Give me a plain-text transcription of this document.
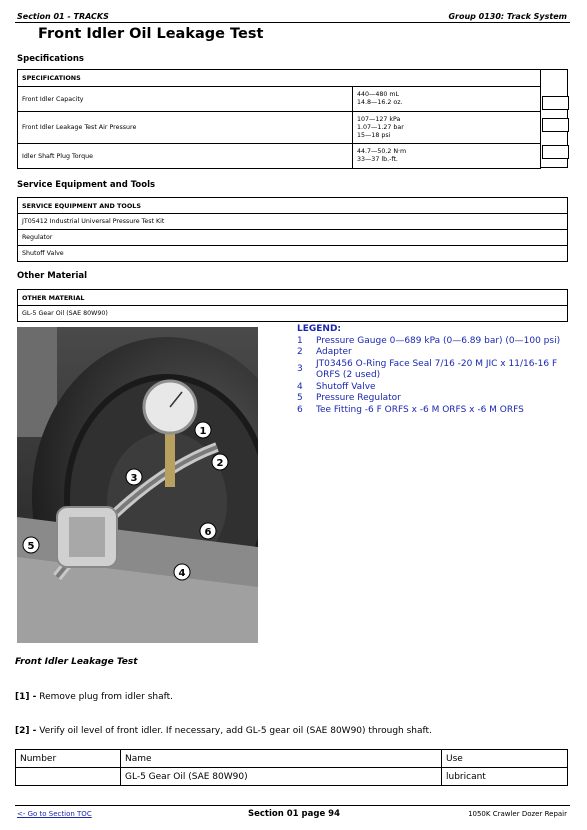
Section 01 - TRACKS	Group 0130: Track System
Front Idler Oil Leakage Test
Specifications
SPECIFICATIONS	
Front Idler Capacity	440—480 mL
14.8—16.2 oz.

Front Idler Leakage Test Air Pressure	107—127 kPa
1.07—1.27 bar
15—18 psi

Idler Shaft Plug Torque	44.7—50.2 N·m
33—37 lb.-ft.
Service Equipment and Tools
SERVICE EQUIPMENT AND TOOLS
JT05412 Industrial Universal Pressure Test Kit
Regulator
Shutoff Valve
Other Material
OTHER MATERIAL
GL-5 Gear Oil (SAE 80W90)
1
2
3
4
5
6
LEGEND:
1	Pressure Gauge 0—689 kPa (0—6.89 bar) (0—100 psi)
2	Adapter
3
JT03456 O-Ring Face Seal 7/16 -20 M JIC x 11/16-16 F ORFS (2 used)
4	Shutoff Valve
5	Pressure Regulator
6	Tee Fitting -6 F ORFS x -6 M ORFS x -6 M ORFS
Front Idler Leakage Test
[1] - Remove plug from idler shaft.
[2] - Verify oil level of front idler. If necessary, add GL-5 gear oil (SAE 80W90) through shaft.
Number	Name	Use
	GL-5 Gear Oil (SAE 80W90)	lubricant
<- Go to Section TOC	Section 01 page 94	1050K Crawler Dozer Repair
